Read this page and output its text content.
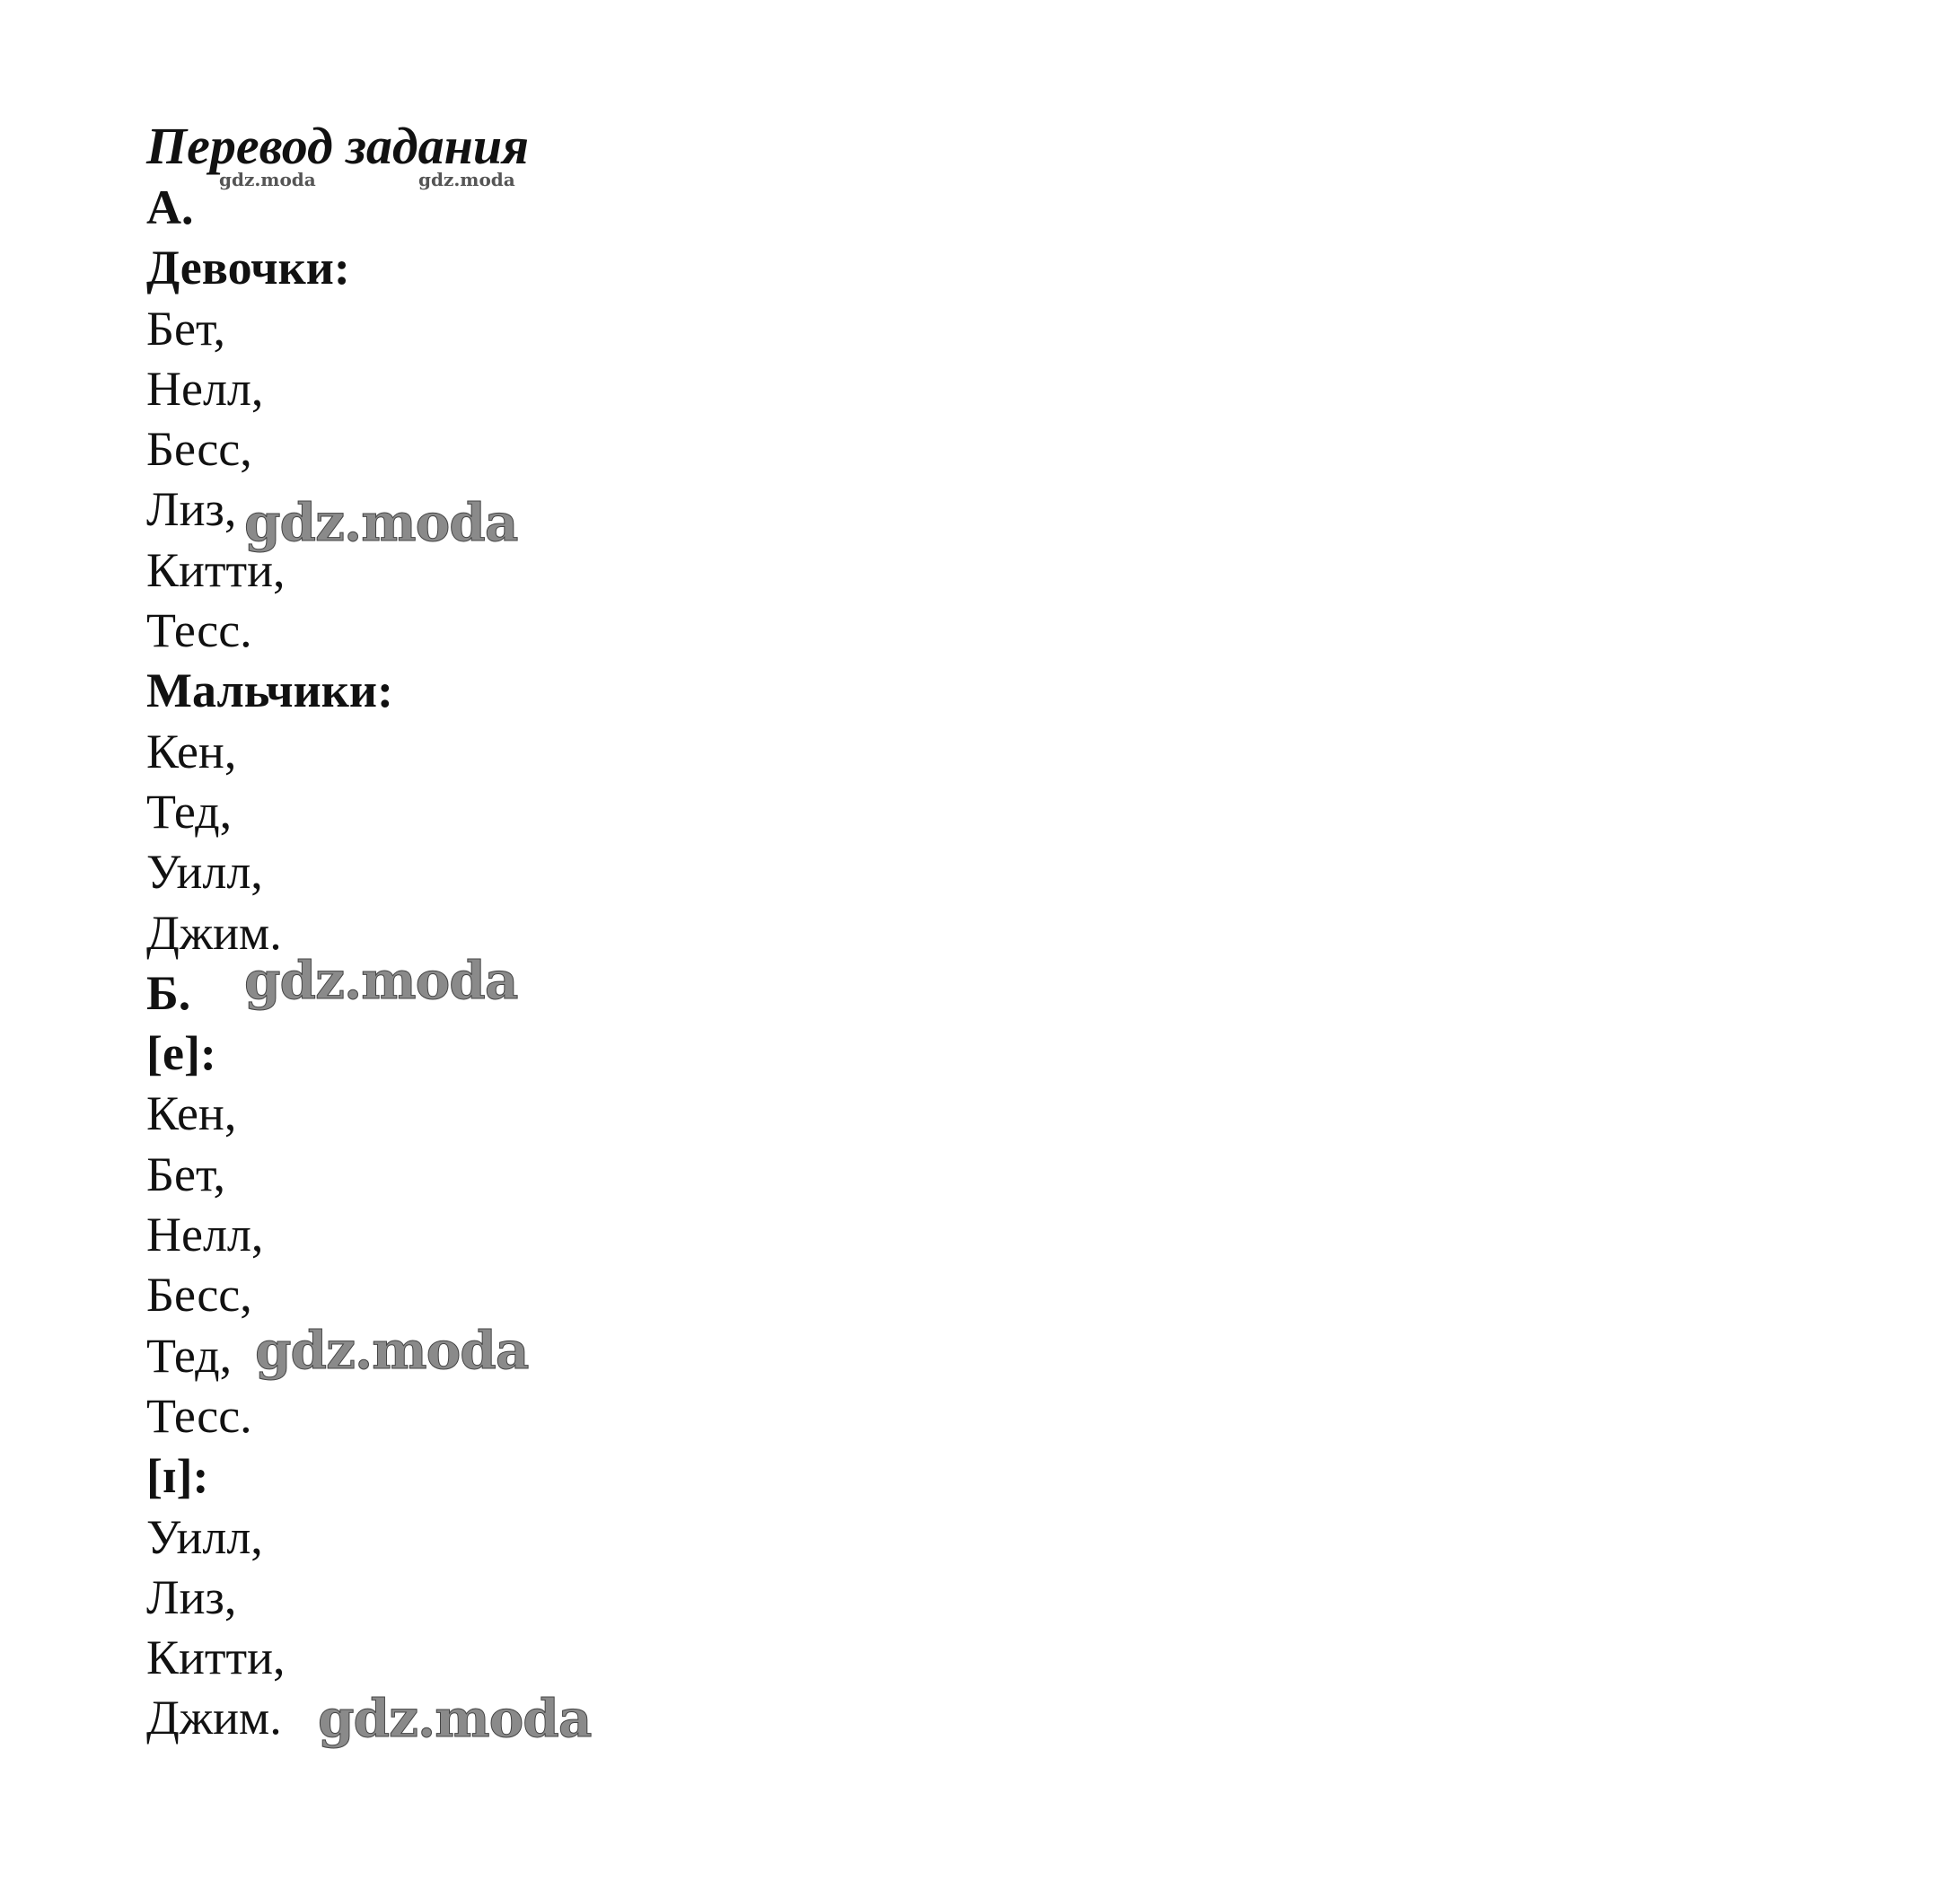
Перевод задания
А.
Девочки:
Бет,
Нелл,
Бесс,
Лиз,
Китти,
Тесс.
Мальчики:
Кен,
Тед,
Уилл,
Джим.
Б.
[e]:
Кен,
Бет,
Нелл,
Бесс,
Тед,
Тесс.
[ɪ]:
Уилл,
Лиз,
Китти,
Джим.
gdz.moda	gdz.moda
gdz.moda
gdz.moda
gdz.moda
gdz.moda
